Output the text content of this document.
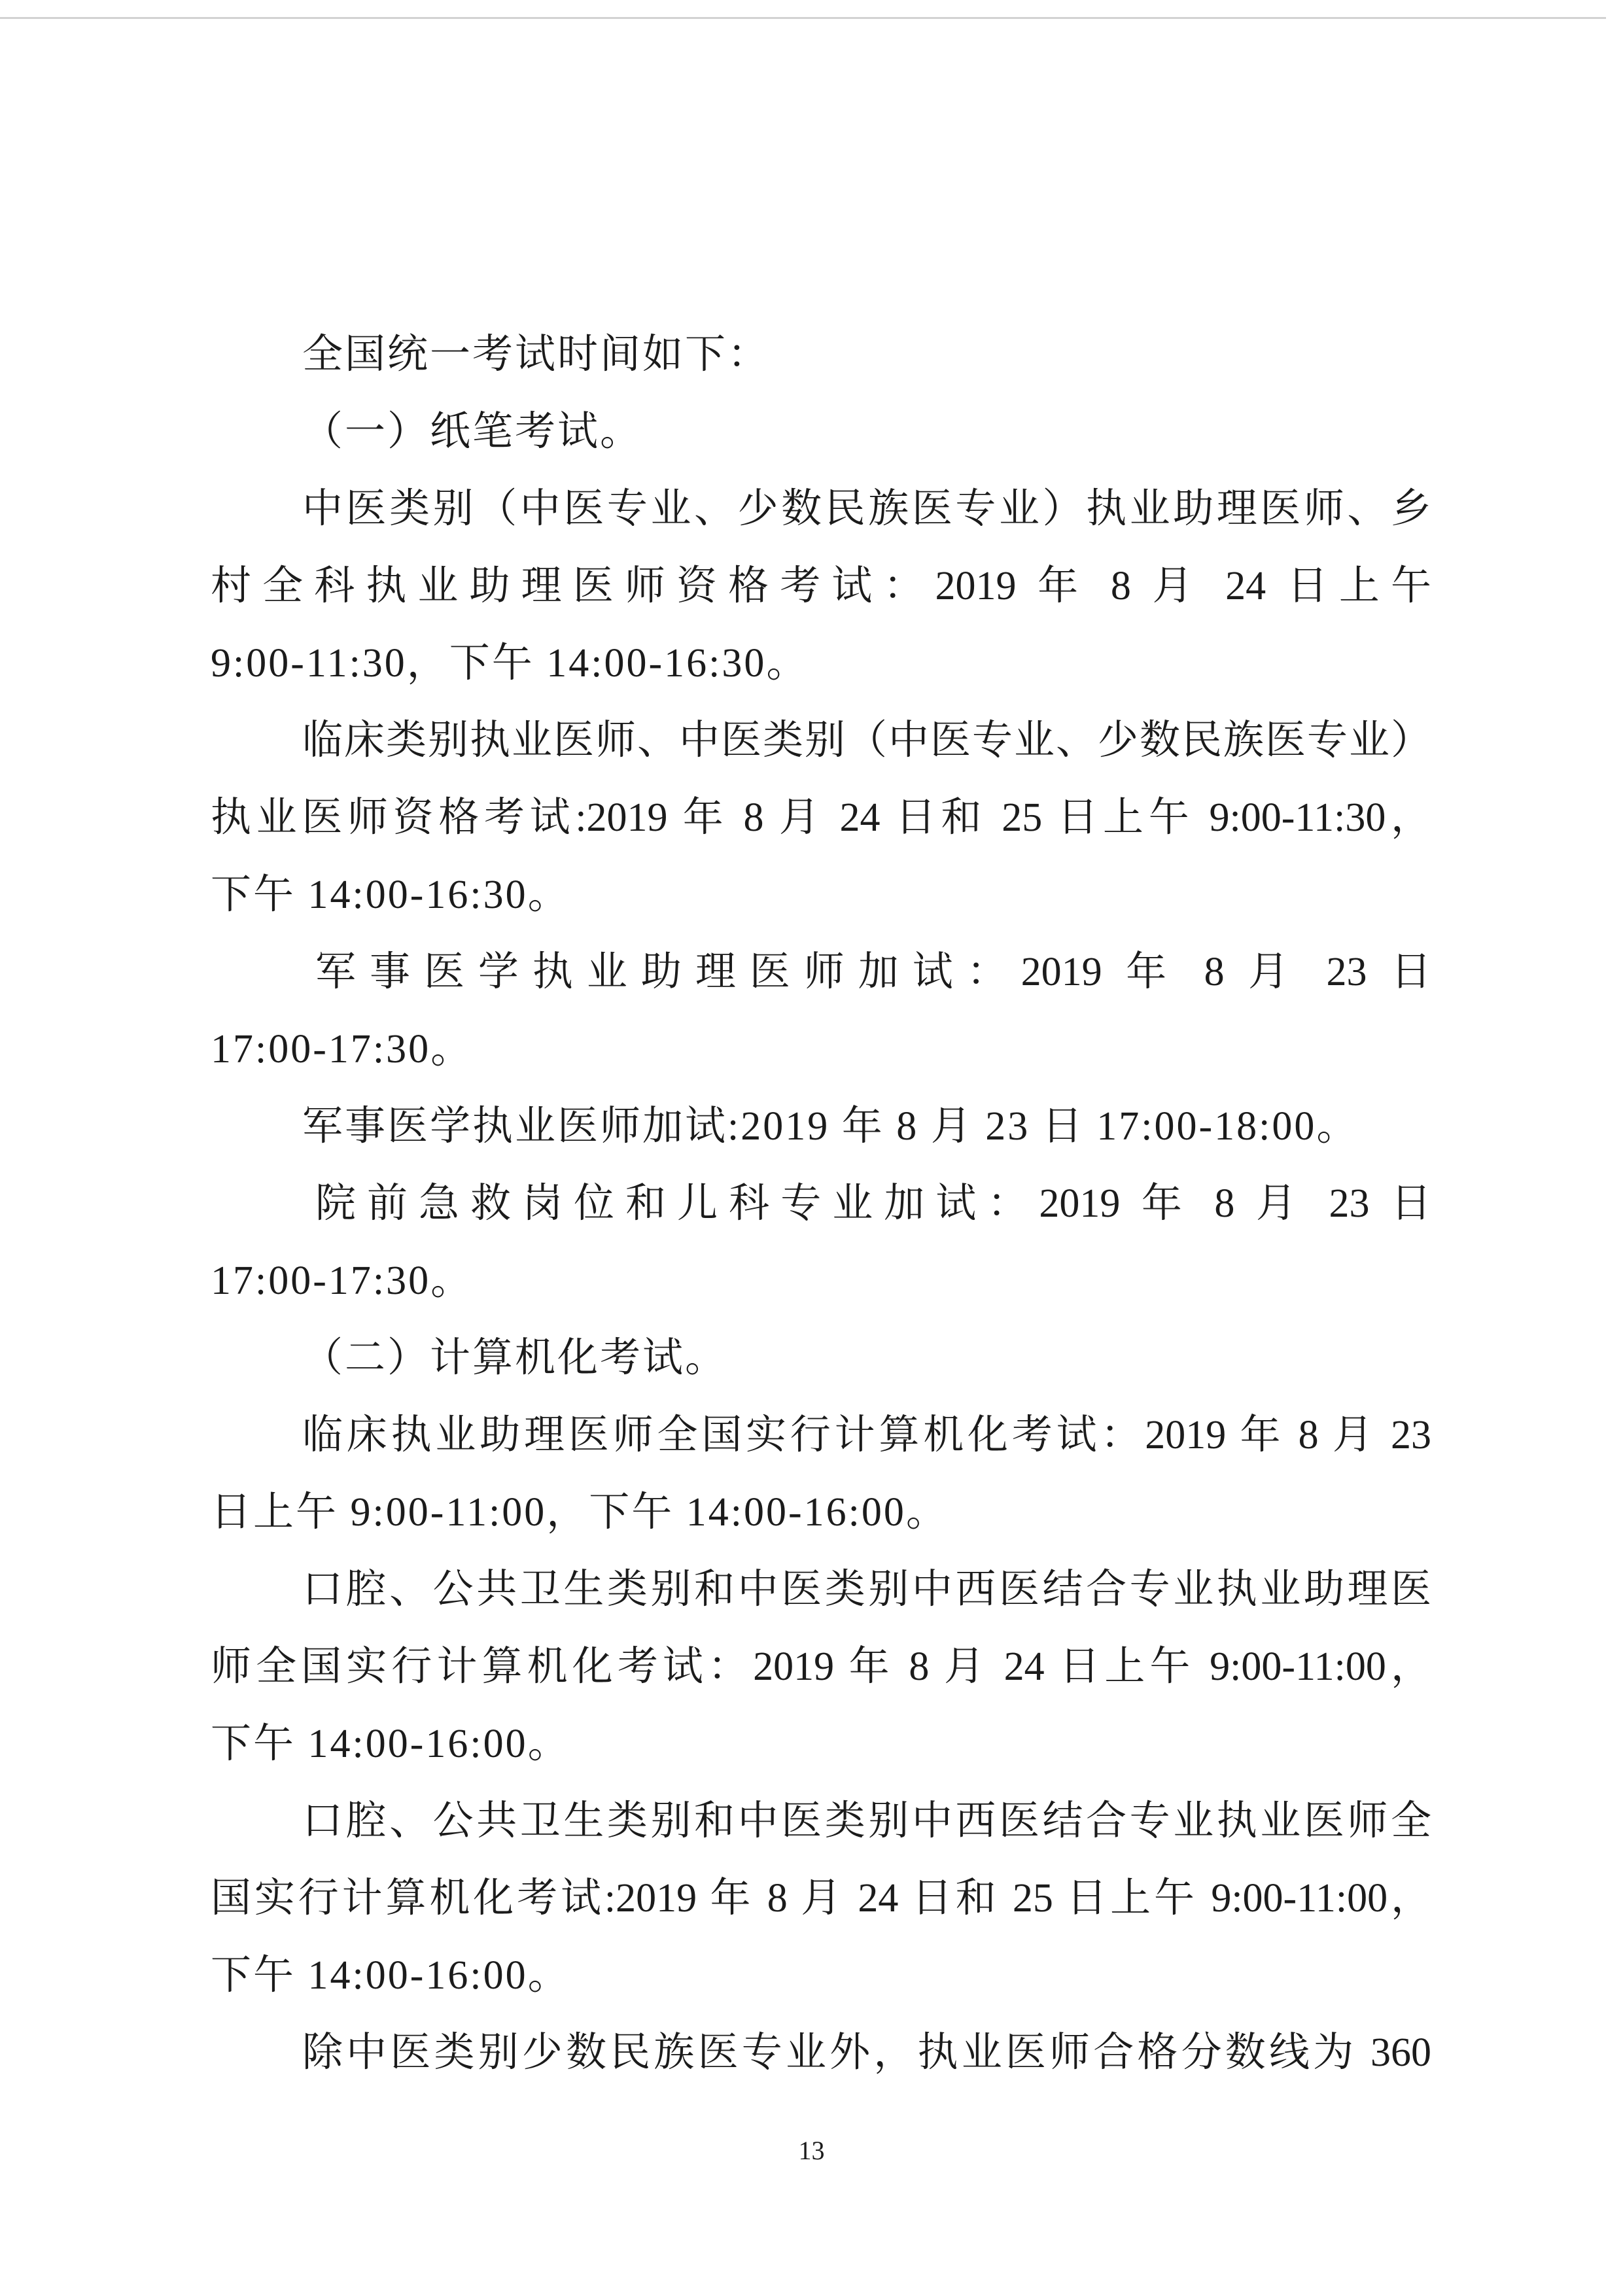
全国统一考试时间如下：
（一）纸笔考试。
中医类别（中医专业、少数民族医专业）执业助理医师、乡
村全科执业助理医师资格考试：2019 年 8 月 24 日上午
9:00-11:30，下午 14:00-16:30。
临床类别执业医师、中医类别（中医专业、少数民族医专业）
执业医师资格考试:2019 年 8 月 24 日和 25 日上午 9:00-11:30，
下午 14:00-16:30。
军事医学执业助理医师加试：2019 年 8 月 23 日
17:00-17:30。
军事医学执业医师加试:2019 年 8 月 23 日 17:00-18:00。
院前急救岗位和儿科专业加试：2019 年 8 月 23 日
17:00-17:30。
（二）计算机化考试。
临床执业助理医师全国实行计算机化考试：2019 年 8 月 23
日上午 9:00-11:00，下午 14:00-16:00。
口腔、公共卫生类别和中医类别中西医结合专业执业助理医
师全国实行计算机化考试：2019 年 8 月 24 日上午 9:00-11:00，
下午 14:00-16:00。
口腔、公共卫生类别和中医类别中西医结合专业执业医师全
国实行计算机化考试:2019 年 8 月 24 日和 25 日上午 9:00-11:00，
下午 14:00-16:00。
除中医类别少数民族医专业外，执业医师合格分数线为 360
13
